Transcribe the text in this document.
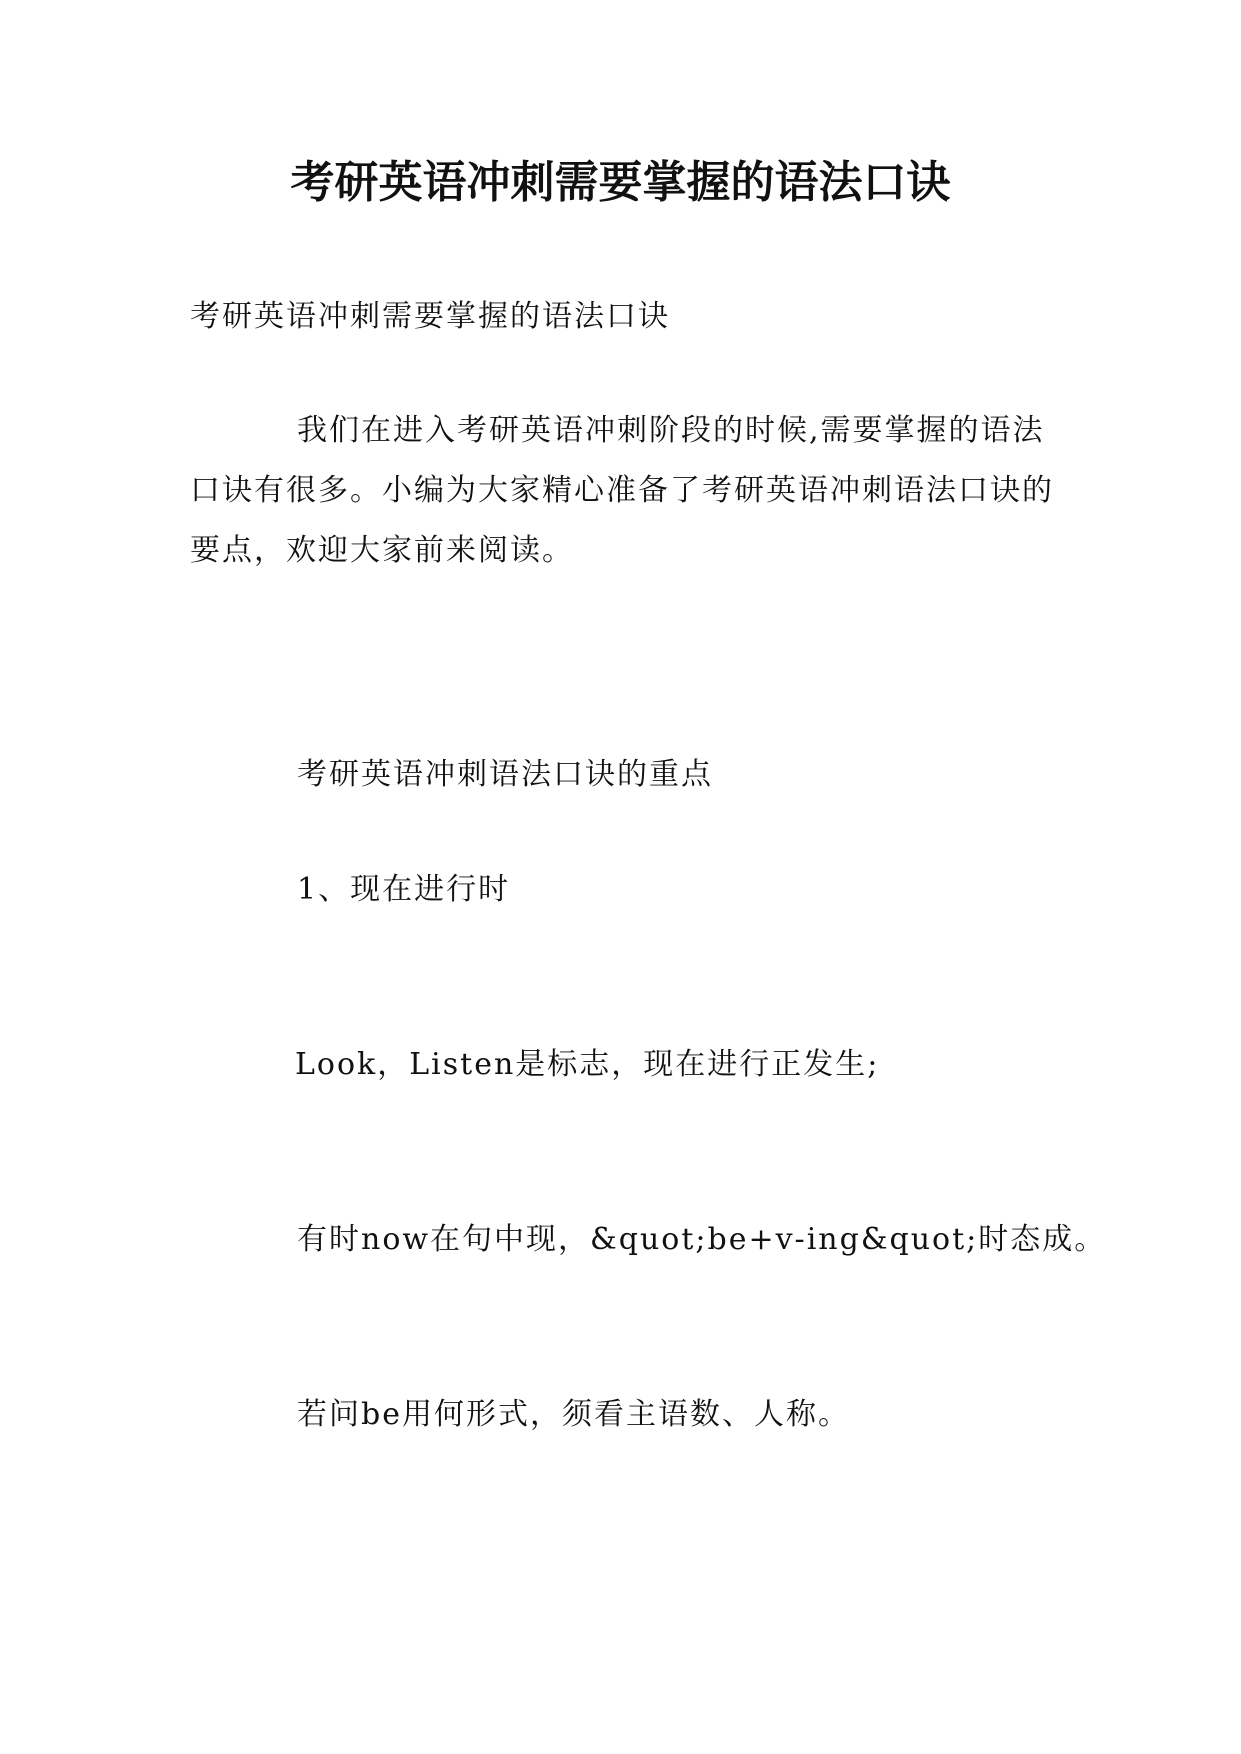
考研英语冲刺需要掌握的语法口诀
考研英语冲刺需要掌握的语法口诀
我们在进入考研英语冲刺阶段的时候,需要掌握的语法口诀有很多。小编为大家精心准备了考研英语冲刺语法口诀的要点，欢迎大家前来阅读。
考研英语冲刺语法口诀的重点
1、现在进行时
Look，Listen是标志，现在进行正发生;
有时now在句中现，&quot;be+v-ing&quot;时态成。
若问be用何形式，须看主语数、人称。
